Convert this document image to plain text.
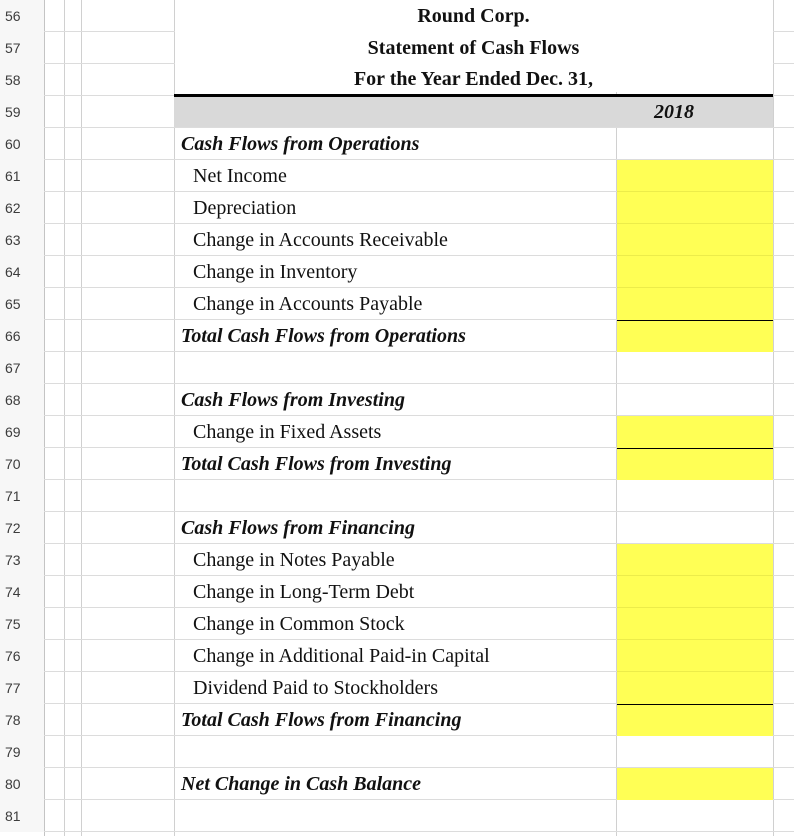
56
57
58
59
60
61
62
63
64
65
66
67
68
69
70
71
72
73
74
75
76
77
78
79
80
81
Round Corp.
Statement of Cash Flows
For the Year Ended Dec. 31,
2018
Cash Flows from Operations
Net Income
Depreciation
Change in Accounts Receivable
Change in Inventory
Change in Accounts Payable
Total Cash Flows from Operations
Cash Flows from Investing
Change in Fixed Assets
Total Cash Flows from Investing
Cash Flows from Financing
Change in Notes Payable
Change in Long-Term Debt
Change in Common Stock
Change in Additional Paid-in Capital
Dividend Paid to Stockholders
Total Cash Flows from Financing
Net Change in Cash Balance
